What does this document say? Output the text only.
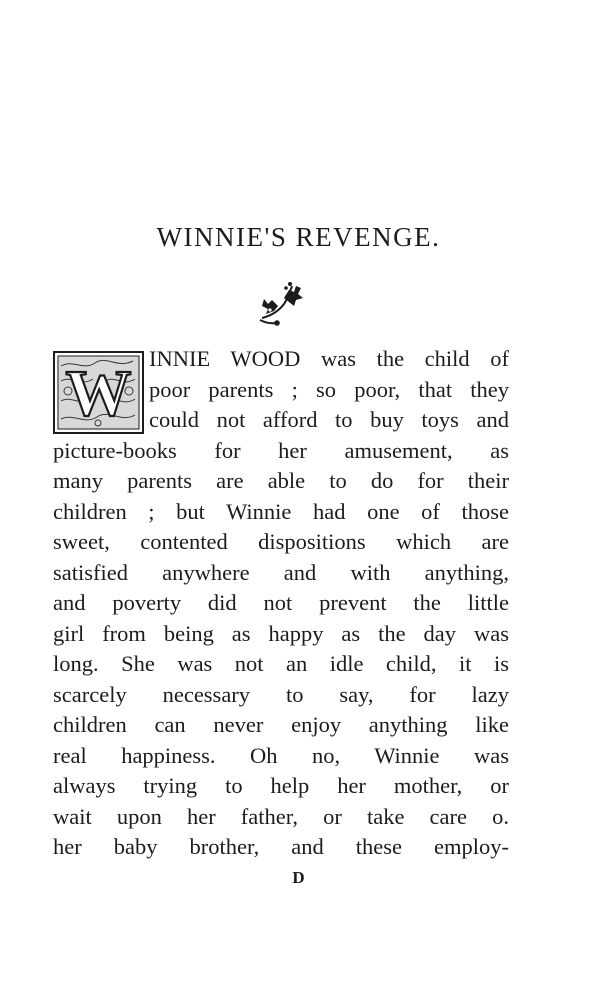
WINNIE'S REVENGE.
W INNIE WOOD was the child of
poor parents ; so poor, that they
could not afford to buy toys and
picture-books for her amusement, as
many parents are able to do for their
children ; but Winnie had one of those
sweet, contented dispositions which are
satisfied anywhere and with anything,
and poverty did not prevent the little
girl from being as happy as the day was
long. She was not an idle child, it is
scarcely necessary to say, for lazy
children can never enjoy anything like
real happiness. Oh no, Winnie was
always trying to help her mother, or
wait upon her father, or take care o.
her baby brother, and these employ-
D
